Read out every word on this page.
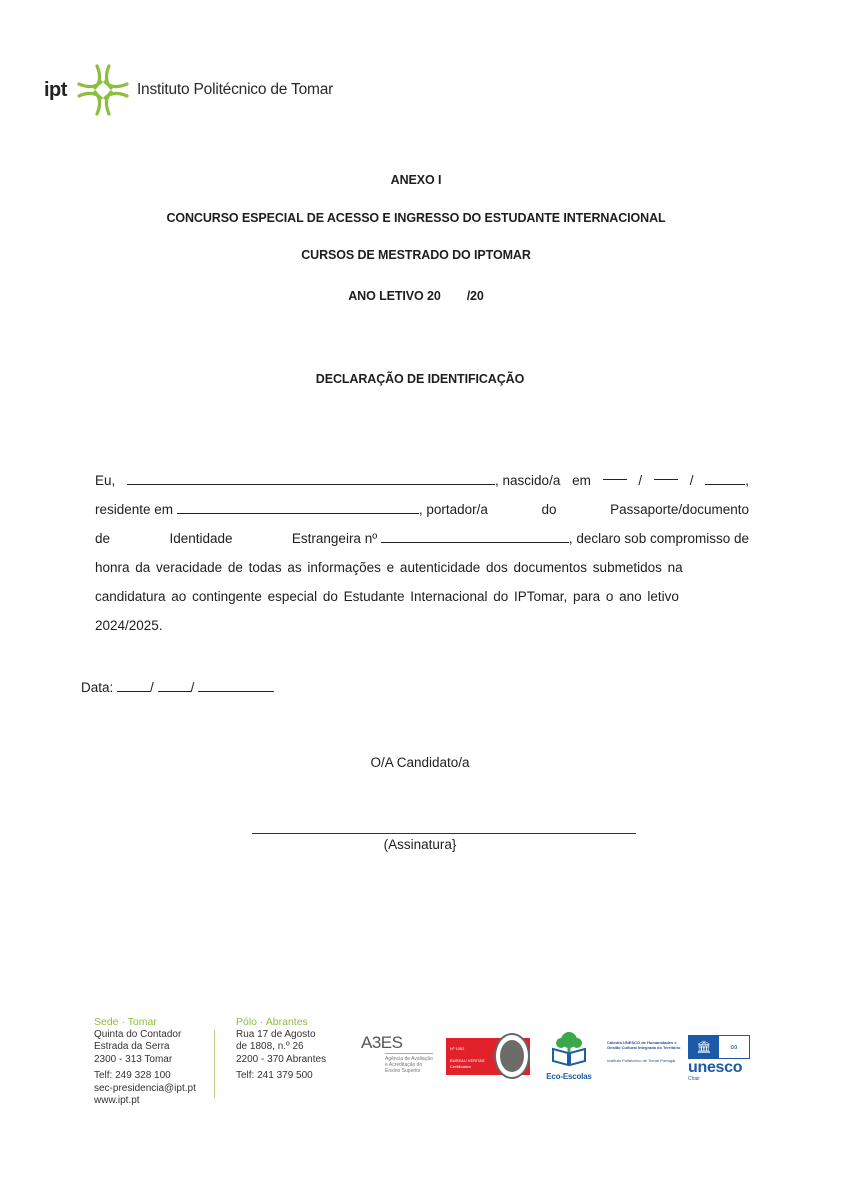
ipt	Instituto Politécnico de Tomar
ANEXO I
CONCURSO ESPECIAL DE ACESSO E INGRESSO DO ESTUDANTE INTERNACIONAL
CURSOS DE MESTRADO DO IPTOMAR
ANO LETIVO 20 /20
DECLARAÇÃO DE IDENTIFICAÇÃO
Eu,	, nascido/a em	/	/	,
residente em	, portador/a	do	Passaporte/documento
de	Identidade	Estrangeira nº	, declaro sob compromisso de
honra da veracidade de todas as informações e autenticidade dos documentos submetidos na
candidatura ao contingente especial do Estudante Internacional do IPTomar, para o ano letivo
2024/2025.
Data:	/	/
O/A Candidato/a
(Assinatura}
Sede · Tomar
Quinta do Contador
Estrada da Serra
2300 - 313 Tomar
Telf: 249 328 100
sec-presidencia@ipt.pt
www.ipt.pt
Pólo · Abrantes
Rua 17 de Agosto
de 1808, n.º 26
2200 - 370 Abrantes
Telf: 241 379 500
A3ES
Agência de Avaliação e Acreditação do Ensino Superior
Nº 1052
BUREAU VERITAS
Certification
Eco-Escolas
Cátedra UNESCO de Humanidades e Gestão Cultural Integrada do Território
Instituto Politécnico de Tomar Portugal
🏛	∞
unesco
Chair
